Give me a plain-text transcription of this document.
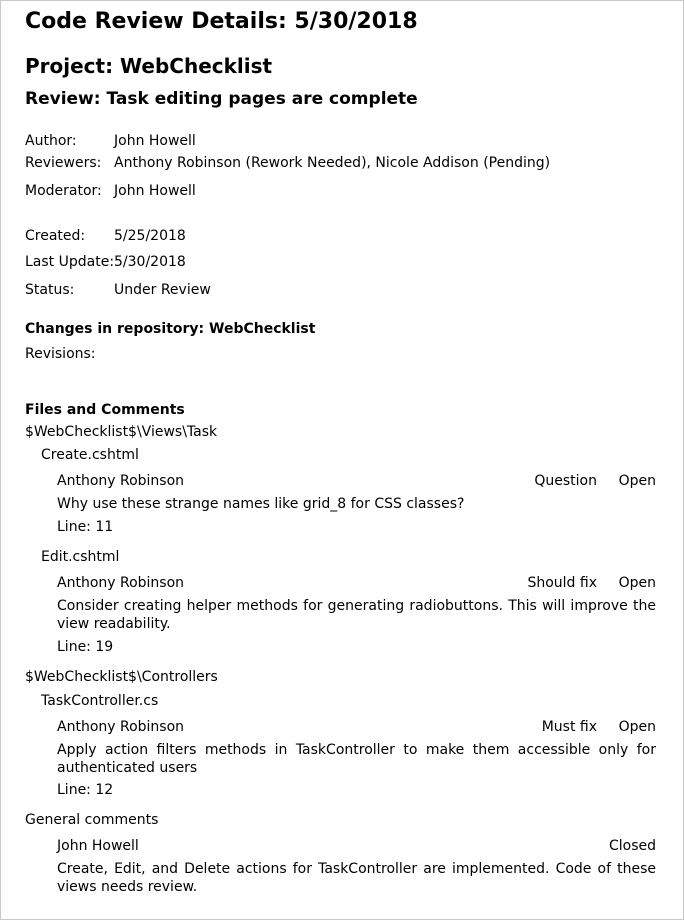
Code Review Details: 5/30/2018
Project: WebChecklist
Review: Task editing pages are complete
Author:	John Howell
Reviewers: Anthony Robinson (Rework Needed), Nicole Addison (Pending)
Moderator: John Howell
Created: 5/25/2018
Last Update: 5/30/2018
Status:	Under Review
Changes in repository: WebChecklist
Revisions:
Files and Comments
$WebChecklist$\Views\Task
Create.cshtml
Anthony Robinson	Question	Open
Why use these strange names like grid_8 for CSS classes?
Line: 11
Edit.cshtml
Anthony Robinson	Should fix	Open
Consider creating helper methods for generating radiobuttons. This will improve the view readability.
Line: 19
$WebChecklist$\Controllers
TaskController.cs
Anthony Robinson	Must fix	Open
Apply action filters methods in TaskController to make them accessible only for authenticated users
Line: 12
General comments
John Howell	Closed
Create, Edit, and Delete actions for TaskController are implemented. Code of these views needs review.
